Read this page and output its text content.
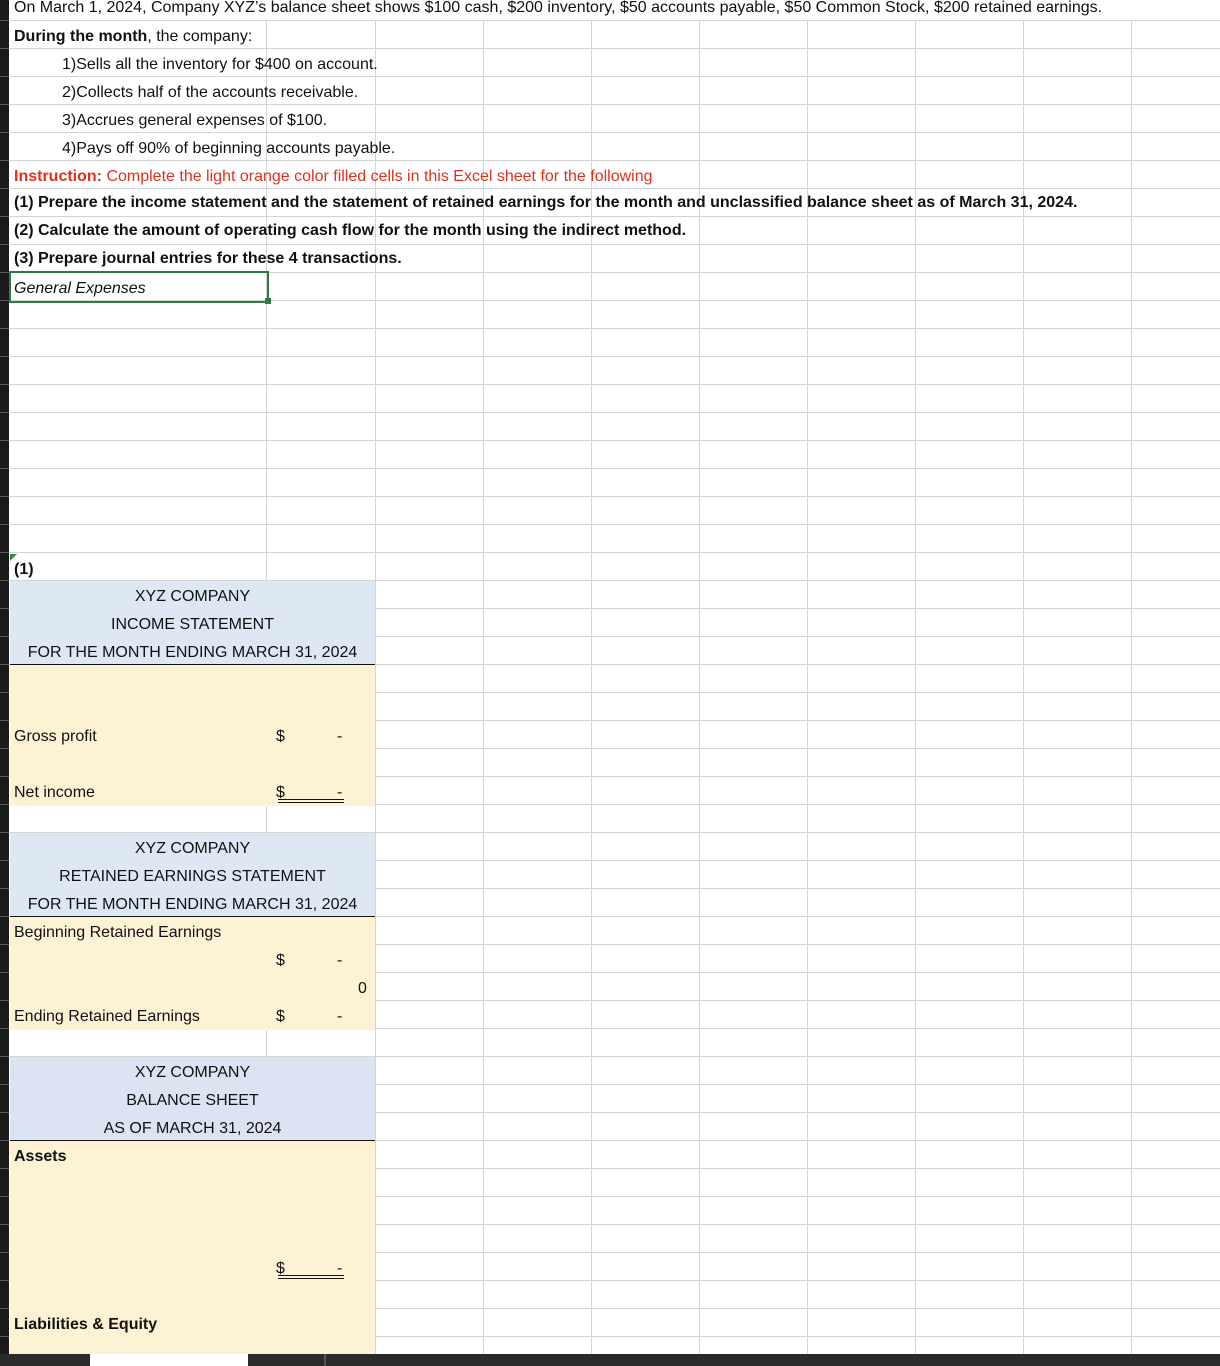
On March 1, 2024, Company XYZ’s balance sheet shows $100 cash, $200 inventory, $50 accounts payable, $50 Common Stock, $200 retained earnings.
During the month, the company:
1)Sells all the inventory for $400 on account.
2)Collects half of the accounts receivable.
3)Accrues general expenses of $100.
4)Pays off 90% of beginning accounts payable.
Instruction: Complete the light orange color filled cells in this Excel sheet for the following
(1) Prepare the income statement and the statement of retained earnings for the month and unclassified balance sheet as of March 31, 2024.
(2) Calculate the amount of operating cash flow for the month using the indirect method.
(3) Prepare journal entries for these 4 transactions.
General Expenses
(1)
XYZ COMPANY
INCOME STATEMENT
FOR THE MONTH ENDING MARCH 31, 2024
Gross profit	$	-
Net income	$	-
XYZ COMPANY
RETAINED EARNINGS STATEMENT
FOR THE MONTH ENDING MARCH 31, 2024
Beginning Retained Earnings
$	-
0
Ending Retained Earnings	$	-
XYZ COMPANY
BALANCE SHEET
AS OF MARCH 31, 2024
Assets
$	-
Liabilities & Equity
